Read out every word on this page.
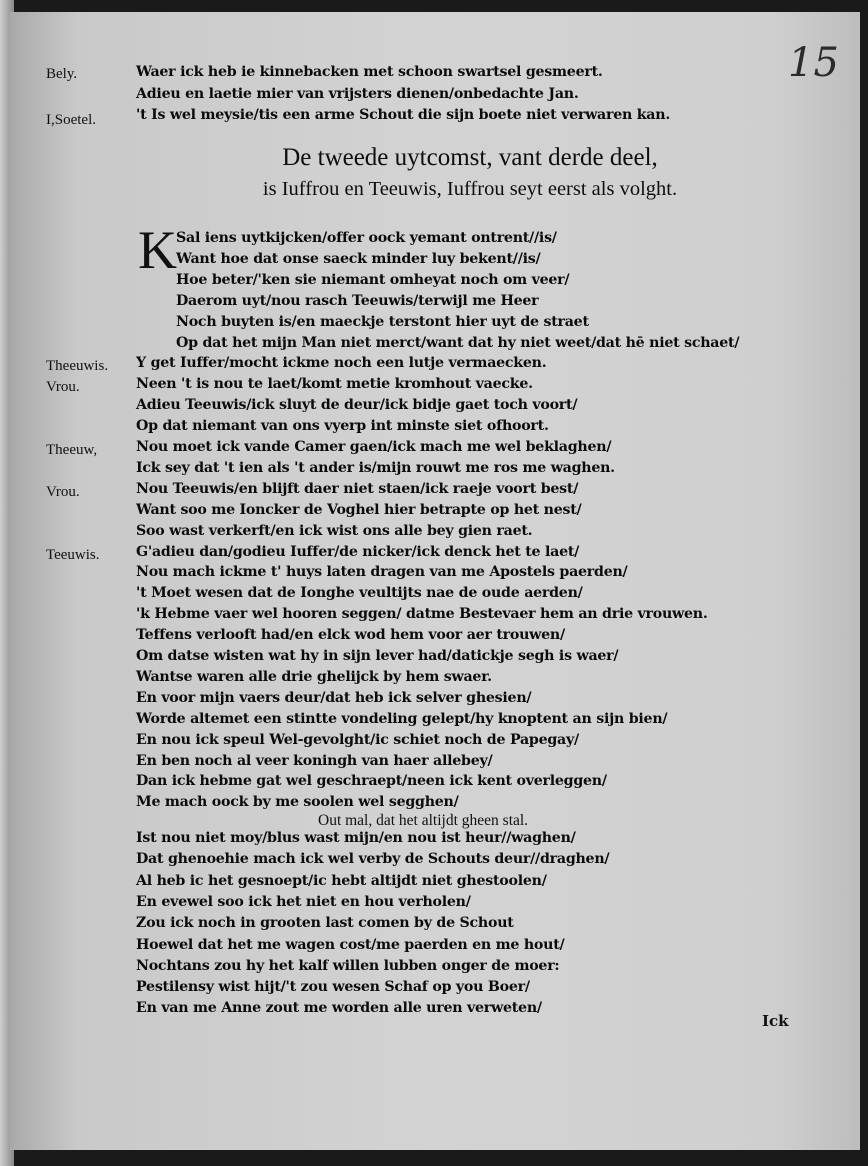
15
Bely.	Waer ick heb ie kinnebacken met schoon swartsel gesmeert.
Adieu en laetie mier van vrijsters dienen/onbedachte Jan.
I,Soetel.	't Is wel meysie/tis een arme Schout die sijn boete niet verwaren kan.
De tweede uytcomst, vant derde deel,
is Iuffrou en Teeuwis, Iuffrou seyt eerst als volght.
K Sal iens uytkijcken/offer oock yemant ontrent//is/
Want hoe dat onse saeck minder luy bekent//is/
Hoe beter/'ken sie niemant omheyat noch om veer/
Daerom uyt/nou rasch Teeuwis/terwijl me Heer
Noch buyten is/en maeckje terstont hier uyt de straet
Op dat het mijn Man niet merct/want dat hy niet weet/dat hē niet schaet/
Y get Iuffer/mocht ickme noch een lutje vermaecken.
Theeuwis.
Neen 't is nou te laet/komt metie kromhout vaecke.
Vrou.
Adieu Teeuwis/ick sluyt de deur/ick bidje gaet toch voort/
Op dat niemant van ons vyerp int minste siet ofhoort.
Nou moet ick vande Camer gaen/ick mach me wel beklaghen/
Theeuw,
Ick sey dat 't ien als 't ander is/mijn rouwt me ros me waghen.
Nou Teeuwis/en blijft daer niet staen/ick raeje voort best/
Vrou.
Want soo me Ioncker de Voghel hier betrapte op het nest/
Soo wast verkerft/en ick wist ons alle bey gien raet.
G'adieu dan/godieu Iuffer/de nicker/ick denck het te laet/
Teeuwis.
Nou mach ickme t' huys laten dragen van me Apostels paerden/
't Moet wesen dat de Ionghe veultijts nae de oude aerden/
'k Hebme vaer wel hooren seggen/ datme Bestevaer hem an drie vrouwen.
Teffens verlooft had/en elck wod hem voor aer trouwen/
Om datse wisten wat hy in sijn lever had/datickje segh is waer/
Wantse waren alle drie ghelijck by hem swaer.
En voor mijn vaers deur/dat heb ick selver ghesien/
Worde altemet een stintte vondeling gelept/hy knoptent an sijn bien/
En nou ick speul Wel-gevolght/ic schiet noch de Papegay/
En ben noch al veer koningh van haer allebey/
Dan ick hebme gat wel geschraept/neen ick kent overleggen/
Me mach oock by me soolen wel segghen/
Out mal, dat het altijdt gheen stal.
Ist nou niet moy/blus wast mijn/en nou ist heur//waghen/
Dat ghenoehie mach ick wel verby de Schouts deur//draghen/
Al heb ic het gesnoept/ic hebt altijdt niet ghestoolen/
En evewel soo ick het niet en hou verholen/
Zou ick noch in grooten last comen by de Schout
Hoewel dat het me wagen cost/me paerden en me hout/
Nochtans zou hy het kalf willen lubben onger de moer:
Pestilensy wist hijt/'t zou wesen Schaf op you Boer/
En van me Anne zout me worden alle uren verweten/
Ick
